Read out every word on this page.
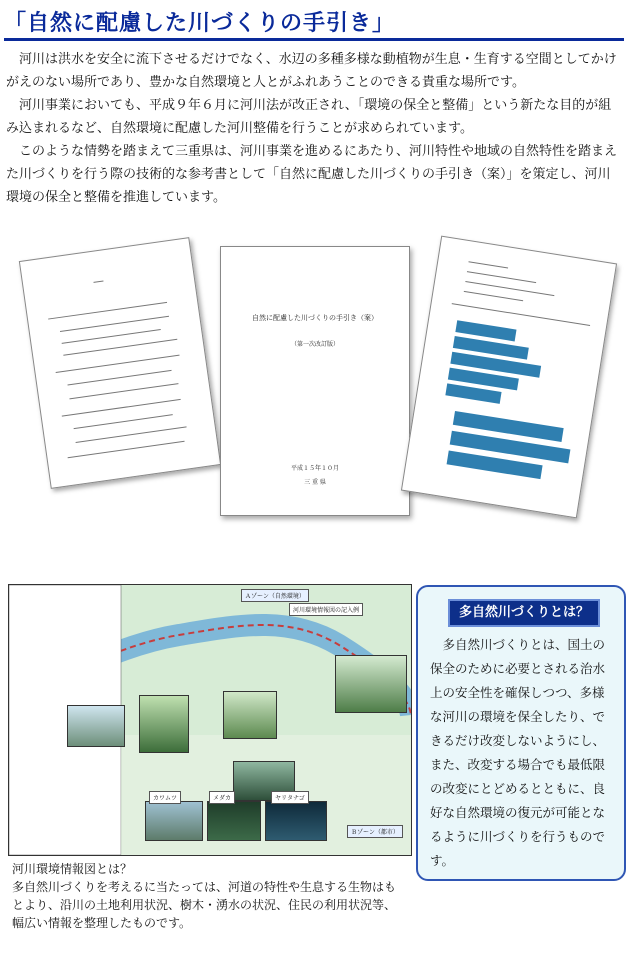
「自然に配慮した川づくりの手引き」

河川は洪水を安全に流下させるだけでなく、水辺の多種多様な動植物が生息・生育する空間としてかけがえのない場所であり、豊かな自然環境と人とがふれあうことのできる貴重な場所です。

河川事業においても、平成９年６月に河川法が改正され、「環境の保全と整備」という新たな目的が組み込まれるなど、自然環境に配慮した河川整備を行うことが求められています。

このような情勢を踏まえて三重県は、河川事業を進めるにあたり、河川特性や地域の自然特性を踏まえた川づくりを行う際の技術的な参考書として「自然に配慮した川づくりの手引き（案）」を策定し、河川環境の保全と整備を推進しています。

自然に配慮した川づくりの手引き（案）
（第一次改訂版）
平成１５年１０月
三 重 県
河川環境情報図の記入例
Ａゾーン（自然環境）
Ｂゾーン（都市）
カワムツ	メダカ	ヤリタナゴ
河川環境情報図とは？
多自然川づくりを考えるに当たっては、河道の特性や生息する生物はもとより、沿川の土地利用状況、樹木・湧水の状況、住民の利用状況等、幅広い情報を整理したものです。
多自然川づくりとは？
多自然川づくりとは、国土の保全のために必要とされる治水上の安全性を確保しつつ、多様な河川の環境を保全したり、できるだけ改変しないようにし、また、改変する場合でも最低限の改変にとどめるとともに、良好な自然環境の復元が可能となるように川づくりを行うものです。
